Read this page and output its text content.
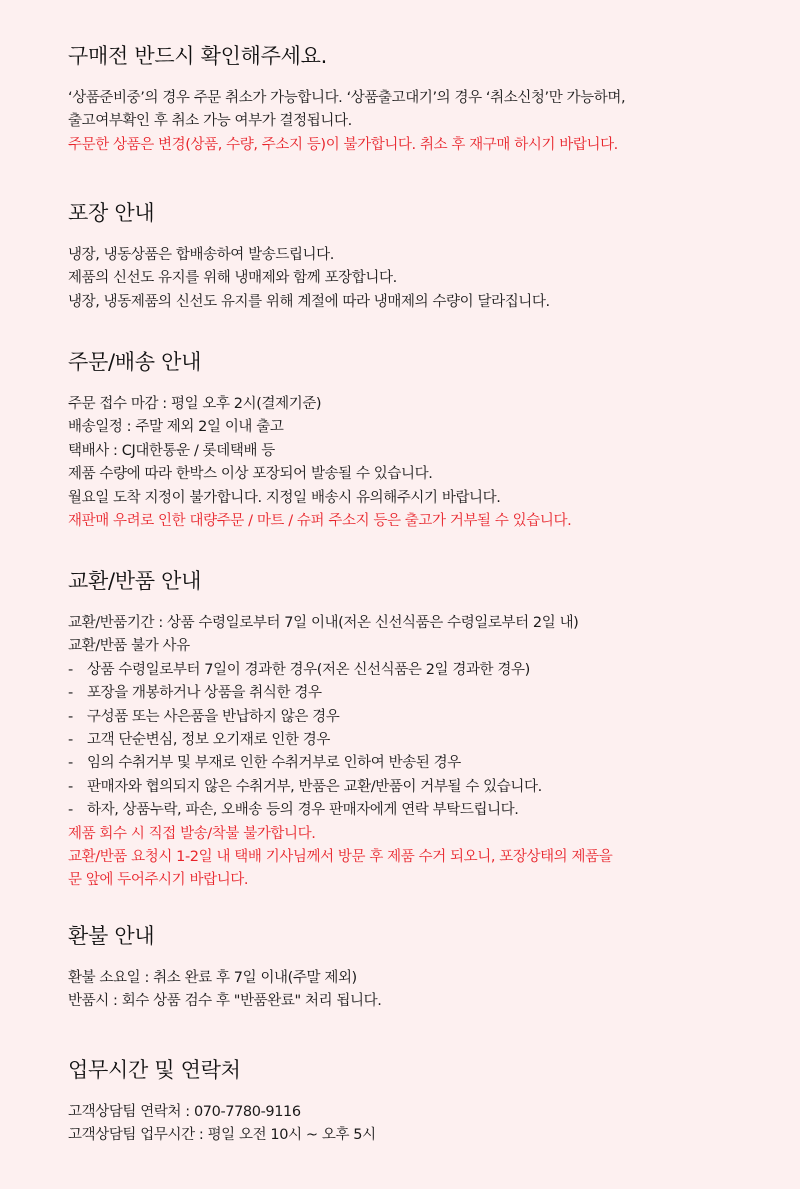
구매전 반드시 확인해주세요.
‘상품준비중’의 경우 주문 취소가 가능합니다. ‘상품출고대기’의 경우 ‘취소신청’만 가능하며,
출고여부확인 후 취소 가능 여부가 결정됩니다.
주문한 상품은 변경(상품, 수량, 주소지 등)이 불가합니다. 취소 후 재구매 하시기 바랍니다.
포장 안내
냉장, 냉동상품은 합배송하여 발송드립니다.
제품의 신선도 유지를 위해 냉매제와 함께 포장합니다.
냉장, 냉동제품의 신선도 유지를 위해 계절에 따라 냉매제의 수량이 달라집니다.
주문/배송 안내
주문 접수 마감 : 평일 오후 2시(결제기준)
배송일정 : 주말 제외 2일 이내 출고
택배사 : CJ대한통운 / 롯데택배 등
제품 수량에 따라 한박스 이상 포장되어 발송될 수 있습니다.
월요일 도착 지정이 불가합니다. 지정일 배송시 유의해주시기 바랍니다.
재판매 우려로 인한 대량주문 / 마트 / 슈퍼 주소지 등은 출고가 거부될 수 있습니다.
교환/반품 안내
교환/반품기간 : 상품 수령일로부터 7일 이내(저온 신선식품은 수령일로부터 2일 내)
교환/반품 불가 사유
- 상품 수령일로부터 7일이 경과한 경우(저온 신선식품은 2일 경과한 경우)
- 포장을 개봉하거나 상품을 취식한 경우
- 구성품 또는 사은품을 반납하지 않은 경우
- 고객 단순변심, 정보 오기재로 인한 경우
- 임의 수취거부 및 부재로 인한 수취거부로 인하여 반송된 경우
- 판매자와 협의되지 않은 수취거부, 반품은 교환/반품이 거부될 수 있습니다.
- 하자, 상품누락, 파손, 오배송 등의 경우 판매자에게 연락 부탁드립니다.
제품 회수 시 직접 발송/착불 불가합니다.
교환/반품 요청시 1-2일 내 택배 기사님께서 방문 후 제품 수거 되오니, 포장상태의 제품을
문 앞에 두어주시기 바랍니다.
환불 안내
환불 소요일 : 취소 완료 후 7일 이내(주말 제외)
반품시 : 회수 상품 검수 후 "반품완료" 처리 됩니다.
업무시간 및 연락처
고객상담팀 연락처 : 070-7780-9116
고객상담팀 업무시간 : 평일 오전 10시 ~ 오후 5시
